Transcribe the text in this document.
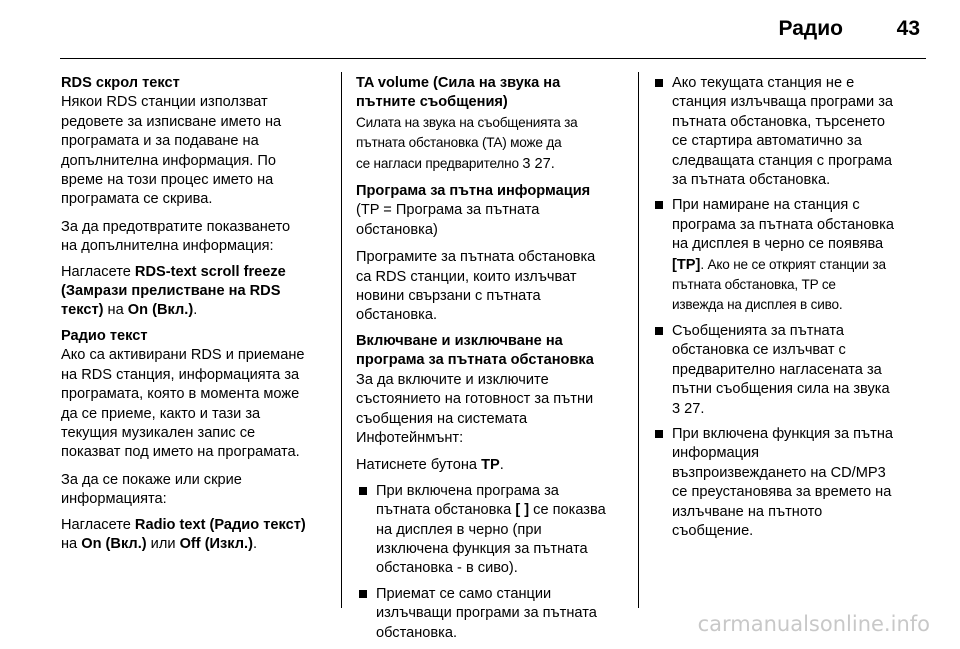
Радио	43
RDS скрол текст
Някои RDS станции използват
редовете за изписване името на
програмата и за подаване на
допълнителна информация. По
време на този процес името на
програмата се скрива.

За да предотвратите показването
на допълнителна информация:

Нагласете RDS-text scroll freeze
(Замрази прелистване на RDS
текст) на On (Вкл.).

Радио текст
Ако са активирани RDS и приемане
на RDS станция, информацията за
програмата, която в момента може
да се приеме, както и тази за
текущия музикален запис се
показват под името на програмата.

За да се покаже или скрие
информацията:

Нагласете Radio text (Радио текст)
на On (Вкл.) или Off (Изкл.).

TA volume (Сила на звука на
пътните съобщения)
Силата на звука на съобщенията за
пътната обстановка (TA) може да
се нагласи предварително 3 27.
Програма за пътна информация
(TP = Програма за пътната
обстановка)

Програмите за пътната обстановка
са RDS станции, които излъчват
новини свързани с пътната
обстановка.

Включване и изключване на
програма за пътната обстановка
За да включите и изключите
състоянието на готовност за пътни
съобщения на системата
Инфотейнмънт:

Натиснете бутона TP.

При включена програма за
пътната обстановка [ ] се показва
на дисплея в черно (при
изключена функция за пътната
обстановка - в сиво).
Приемат се само станции
излъчващи програми за пътната
обстановка.
Ако текущата станция не е
станция излъчваща програми за
пътната обстановка, търсенето
се стартира автоматично за
следващата станция с програма
за пътната обстановка.
При намиране на станция с
програма за пътната обстановка
на дисплея в черно се появява
[TP]. Ако не се открият станции за
пътната обстановка, TP се
извежда на дисплея в сиво.
Съобщенията за пътната
обстановка се излъчват с
предварително нагласената за
пътни съобщения сила на звука
3 27.
При включена функция за пътна
информация
възпроизвеждането на CD/MP3
се преустановява за времето на
излъчване на пътното
съобщение.
carmanualsonline.info
